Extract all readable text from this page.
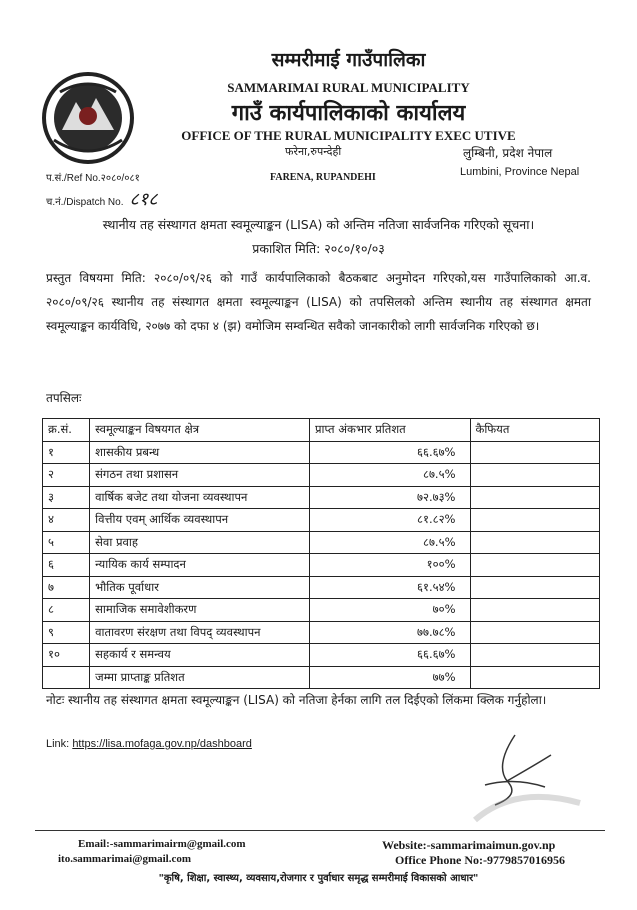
सम्मरीमाई गाउँपालिका
SAMMARIMAI RURAL MUNICIPALITY
गाउँ कार्यपालिकाको कार्यालय
OFFICE OF THE RURAL MUNICIPALITY EXEC UTIVE
फरेना,रुपन्देही
FARENA, RUPANDEHI
लुम्बिनी, प्रदेश नेपाल
Lumbini, Province Nepal
प.सं./Ref No.२०८०/०८१
च.नं./Dispatch No. ८१८
स्थानीय तह संस्थागत क्षमता स्वमूल्याङ्कन (LISA) को अन्तिम नतिजा सार्वजनिक गरिएको सूचना।
प्रकाशित मिति: २०८०/१०/०३
प्रस्तुत विषयमा मिति: २०८०/०९/२६ को गाउँ कार्यपालिकाको बैठकबाट अनुमोदन गरिएको,यस गाउँपालिकाको आ.व. २०८०/०९/२६ स्थानीय तह संस्थागत क्षमता स्वमूल्याङ्कन (LISA) को तपसिलको अन्तिम स्थानीय तह संस्थागत क्षमता स्वमूल्याङ्कन कार्यविधि, २०७७ को दफा ४ (झ) वमोजिम सम्वन्धित सवैको जानकारीको लागी सार्वजनिक गरिएको छ।
तपसिलः
क्र.सं.	स्वमूल्याङ्कन विषयगत क्षेत्र	प्राप्त अंकभार प्रतिशत	कैफियत
१	शासकीय प्रबन्ध	६६.६७%	
२	संगठन तथा प्रशासन	८७.५%	
३	वार्षिक बजेट तथा योजना व्यवस्थापन	७२.७३%	
४	वित्तीय एवम् आर्थिक व्यवस्थापन	८१.८२%	
५	सेवा प्रवाह	८७.५%	
६	न्यायिक कार्य सम्पादन	१००%	
७	भौतिक पूर्वाधार	६१.५४%	
८	सामाजिक समावेशीकरण	७०%	
९	वातावरण संरक्षण तथा विपद् व्यवस्थापन	७७.७८%	
१०	सहकार्य र समन्वय	६६.६७%	
	जम्मा प्राप्ताङ्क प्रतिशत	७७%	
नोटः स्थानीय तह संस्थागत क्षमता स्वमूल्याङ्कन (LISA) को नतिजा हेर्नका लागि तल दिईएको लिंकमा क्लिक गर्नुहोला।
Link: https://lisa.mofaga.gov.np/dashboard
Email:-sammarimairm@gmail.com
ito.sammarimai@gmail.com
Website:-sammarimaimun.gov.np
Office Phone No:-9779857016956
"कृषि, शिक्षा, स्वास्थ्य, व्यवसाय,रोजगार र पुर्वाधार समृद्ध सम्मरीमाई विकासको आधार"
